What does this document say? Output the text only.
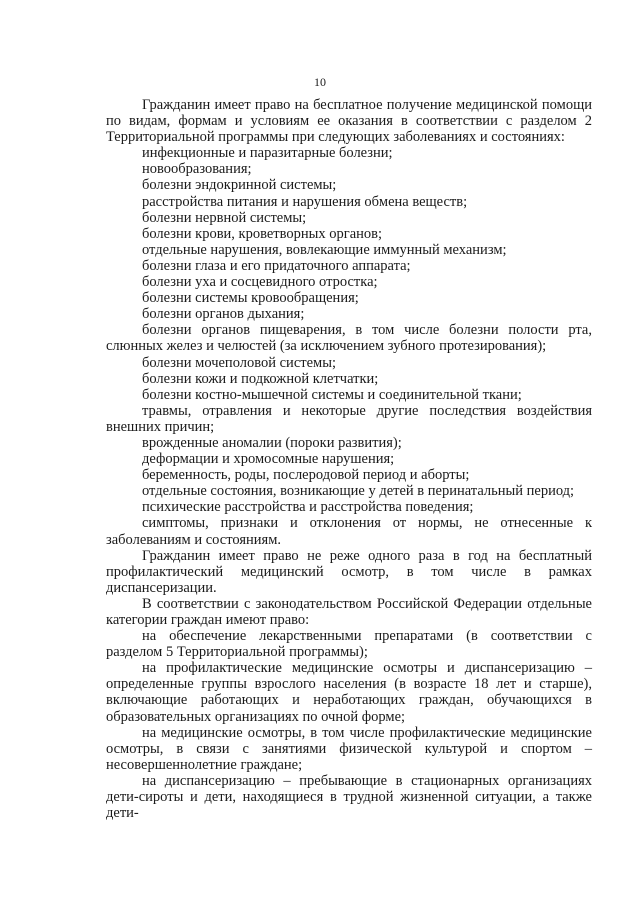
10

Гражданин имеет право на бесплатное получение медицинской помощи по видам, формам и условиям ее оказания в соответствии с разделом 2 Территориальной программы при следующих заболеваниях и состояниях:

инфекционные и паразитарные болезни;

новообразования;

болезни эндокринной системы;

расстройства питания и нарушения обмена веществ;

болезни нервной системы;

болезни крови, кроветворных органов;

отдельные нарушения, вовлекающие иммунный механизм;

болезни глаза и его придаточного аппарата;

болезни уха и сосцевидного отростка;

болезни системы кровообращения;

болезни органов дыхания;

болезни органов пищеварения, в том числе болезни полости рта, слюнных желез и челюстей (за исключением зубного протезирования);

болезни мочеполовой системы;

болезни кожи и подкожной клетчатки;

болезни костно-мышечной системы и соединительной ткани;

травмы, отравления и некоторые другие последствия воздействия внешних причин;

врожденные аномалии (пороки развития);

деформации и хромосомные нарушения;

беременность, роды, послеродовой период и аборты;

отдельные состояния, возникающие у детей в перинатальный период;

психические расстройства и расстройства поведения;

симптомы, признаки и отклонения от нормы, не отнесенные к заболеваниям и состояниям.

Гражданин имеет право не реже одного раза в год на бесплатный профилактический медицинский осмотр, в том числе в рамках диспансеризации.

В соответствии с законодательством Российской Федерации отдельные категории граждан имеют право:

на обеспечение лекарственными препаратами (в соответствии с разделом 5 Территориальной программы);

на профилактические медицинские осмотры и диспансеризацию – определенные группы взрослого населения (в возрасте 18 лет и старше), включающие работающих и неработающих граждан, обучающихся в образовательных организациях по очной форме;

на медицинские осмотры, в том числе профилактические медицинские осмотры, в связи с занятиями физической культурой и спортом – несовершеннолетние граждане;

на диспансеризацию – пребывающие в стационарных организациях дети-сироты и дети, находящиеся в трудной жизненной ситуации, а также дети-
